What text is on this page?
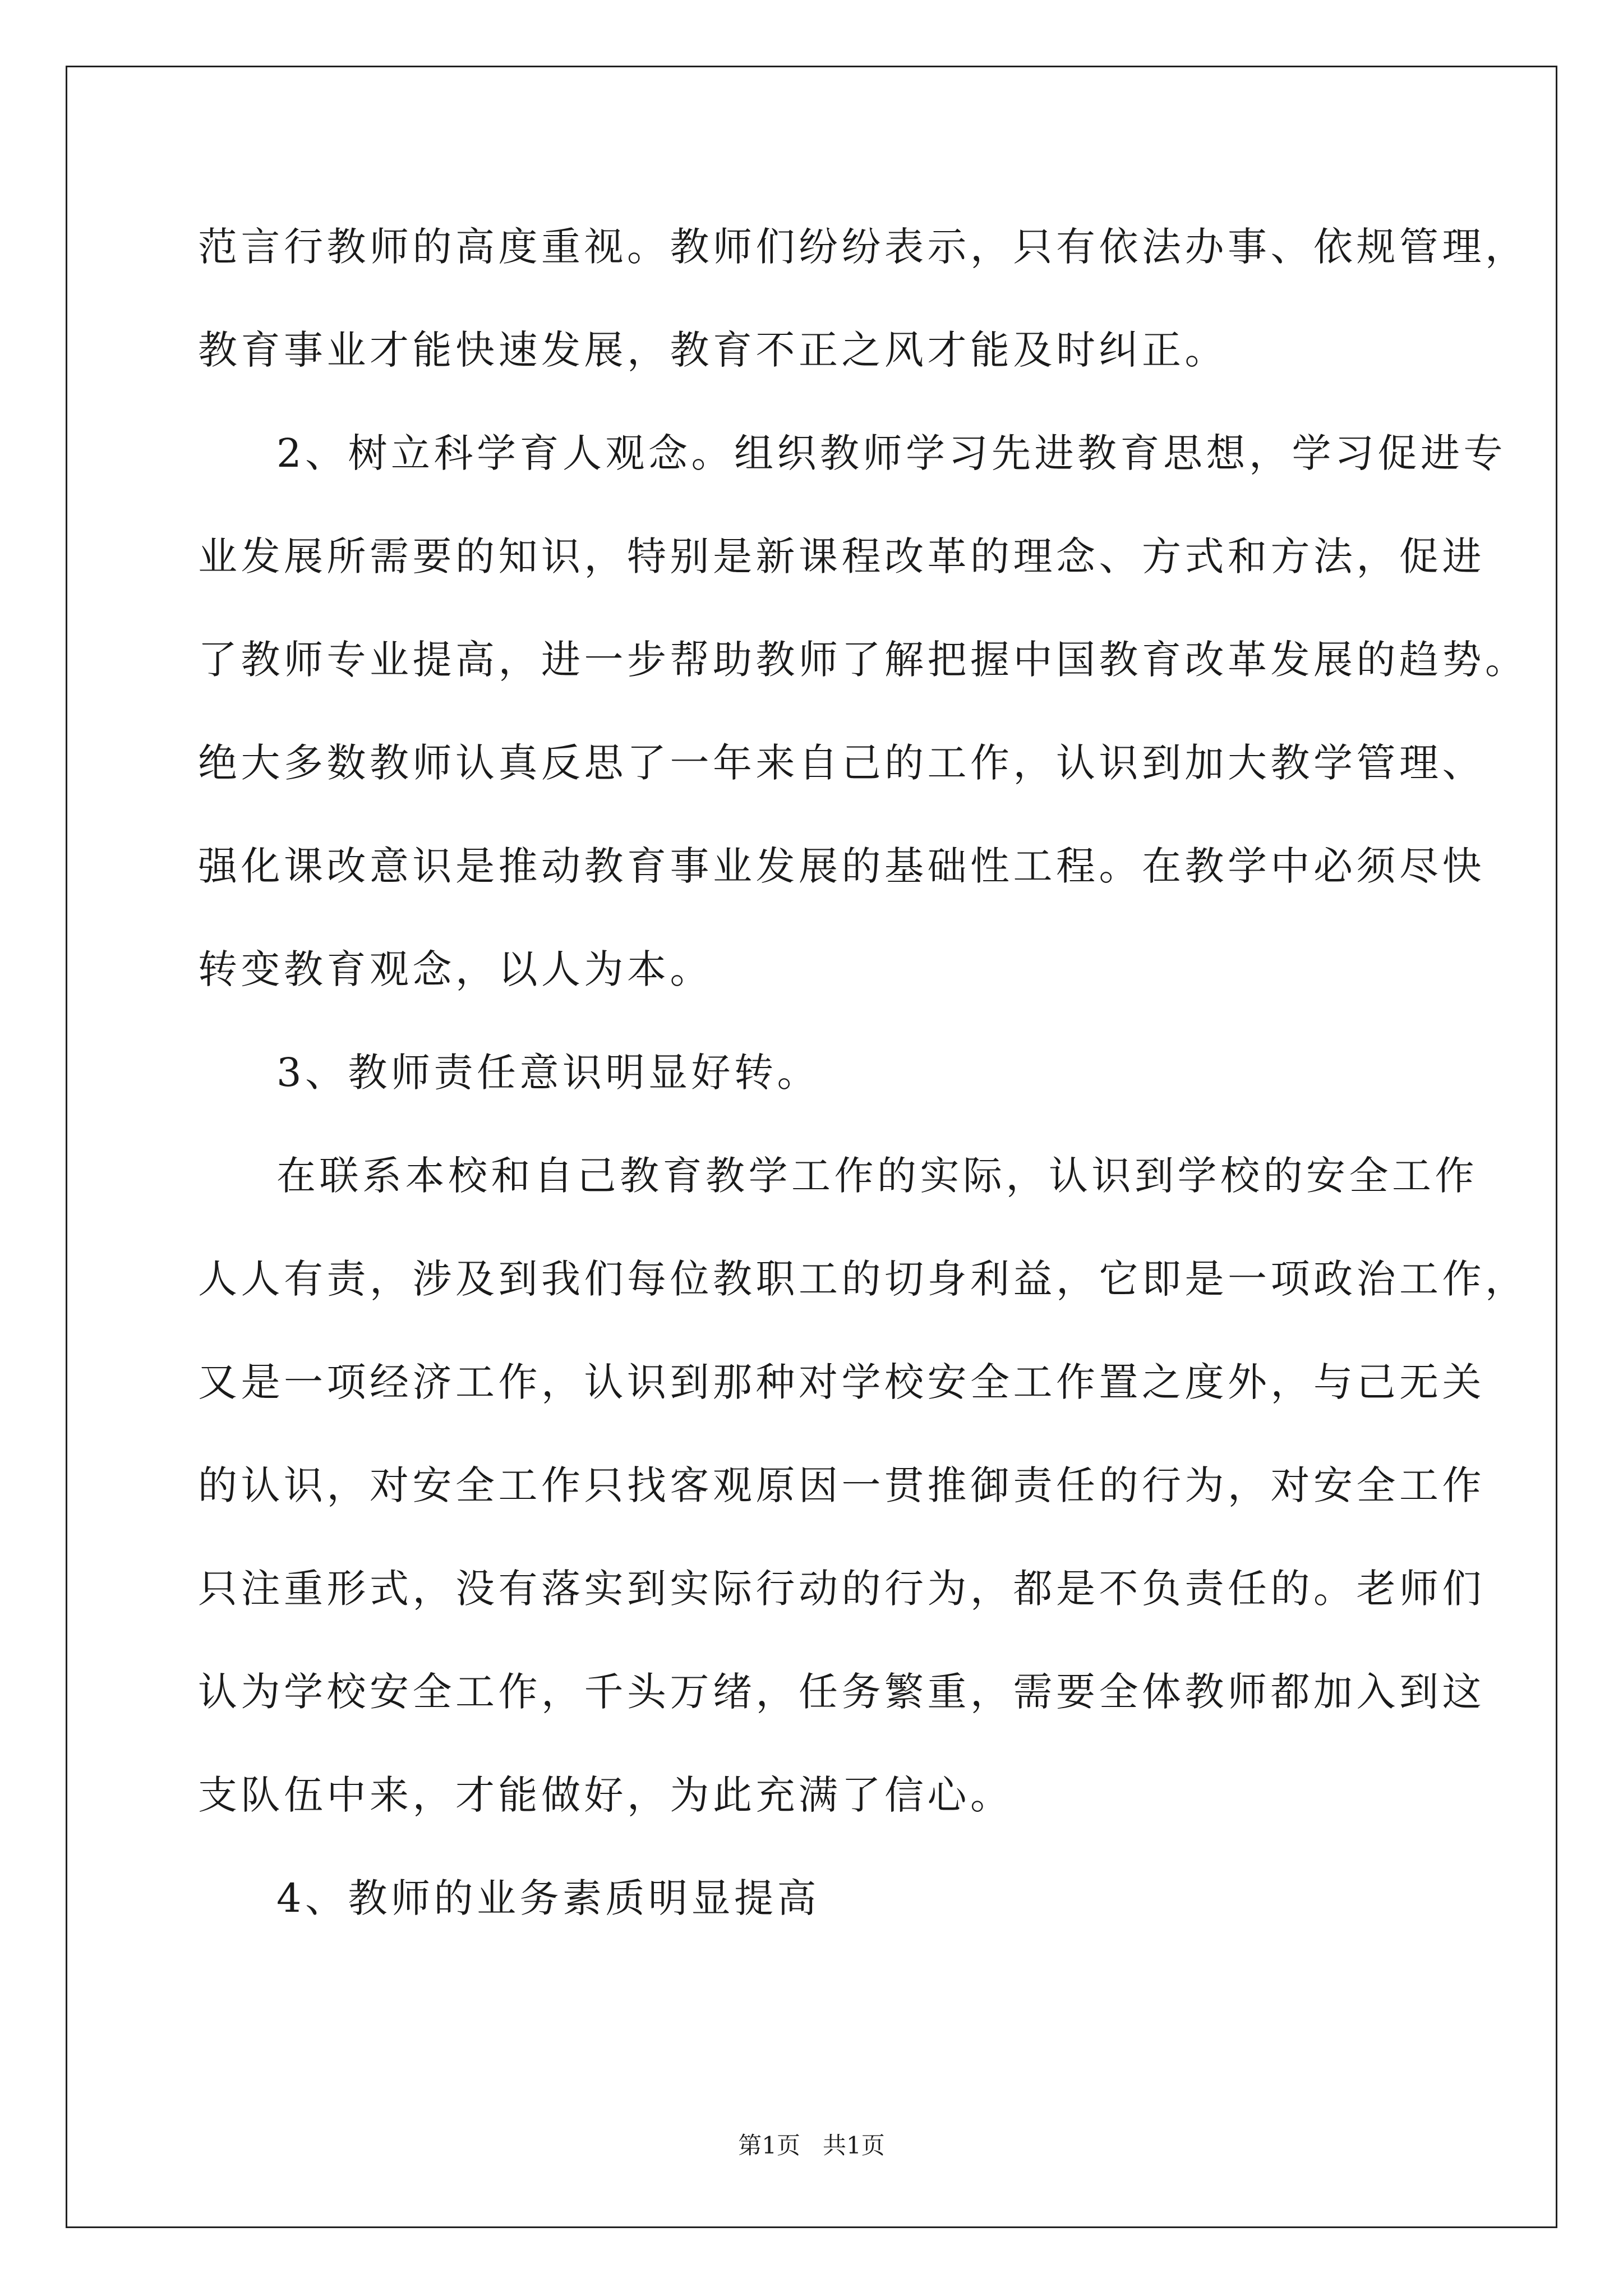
范言行教师的高度重视。教师们纷纷表示，只有依法办事、依规管理，
教育事业才能快速发展，教育不正之风才能及时纠正。
2、树立科学育人观念。组织教师学习先进教育思想，学习促进专
业发展所需要的知识，特别是新课程改革的理念、方式和方法，促进
了教师专业提高，进一步帮助教师了解把握中国教育改革发展的趋势。
绝大多数教师认真反思了一年来自己的工作，认识到加大教学管理、
强化课改意识是推动教育事业发展的基础性工程。在教学中必须尽快
转变教育观念，以人为本。
3、教师责任意识明显好转。
在联系本校和自己教育教学工作的实际，认识到学校的安全工作
人人有责，涉及到我们每位教职工的切身利益，它即是一项政治工作，
又是一项经济工作，认识到那种对学校安全工作置之度外，与己无关
的认识，对安全工作只找客观原因一贯推御责任的行为，对安全工作
只注重形式，没有落实到实际行动的行为，都是不负责任的。老师们
认为学校安全工作，千头万绪，任务繁重，需要全体教师都加入到这
支队伍中来，才能做好，为此充满了信心。
4、教师的业务素质明显提高
第1页   共1页
